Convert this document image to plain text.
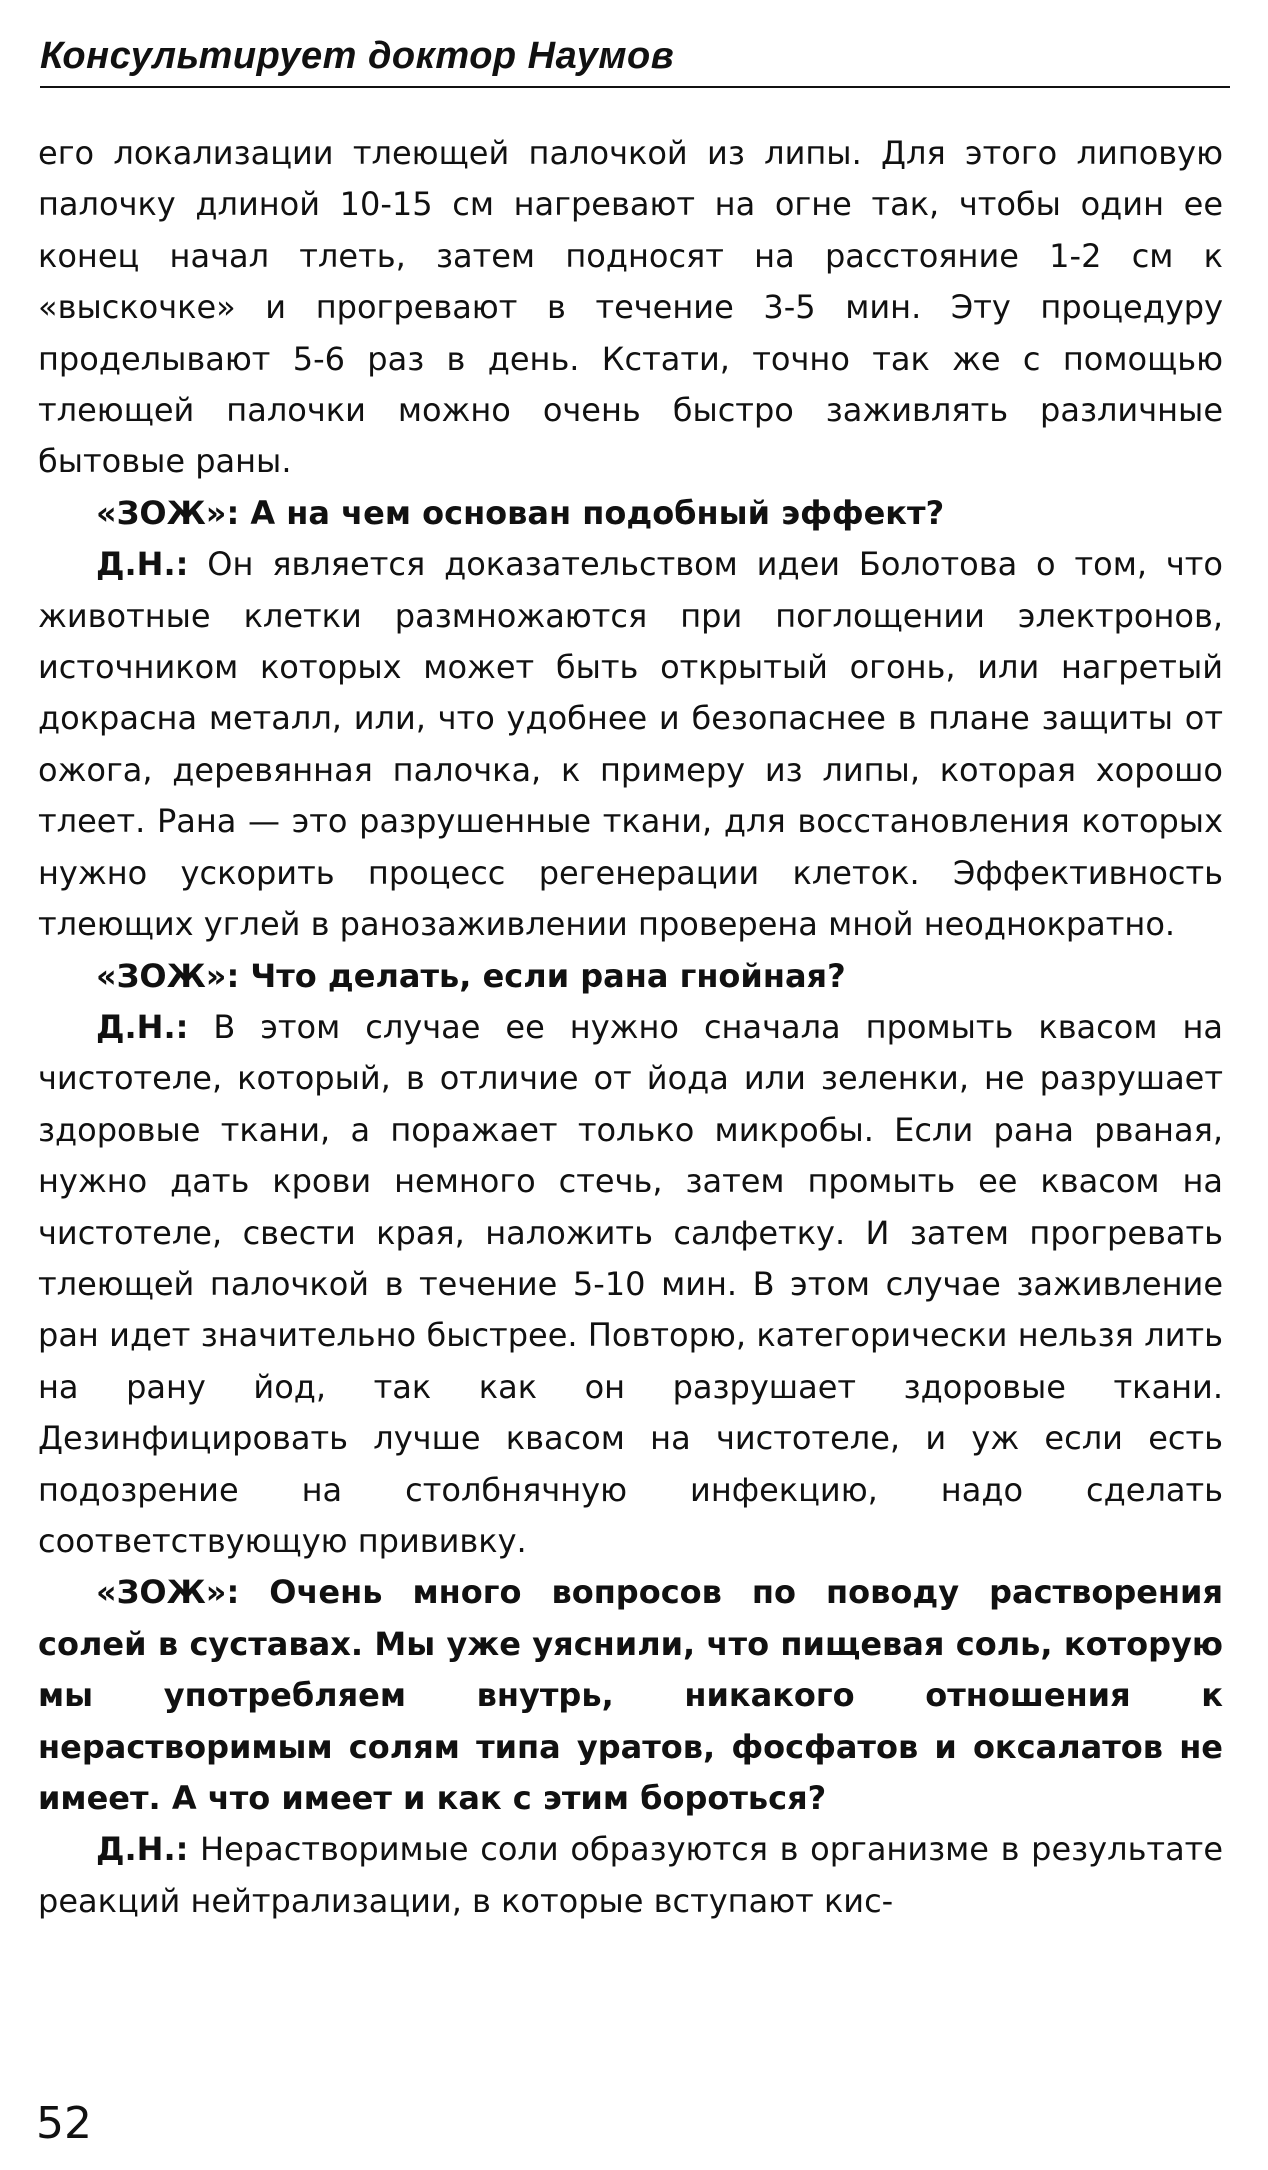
Консультирует доктор Наумов

его локализации тлеющей палочкой из липы. Для этого липовую палочку длиной 10-15 см нагревают на огне так, чтобы один ее конец начал тлеть, затем подносят на расстояние 1-2 см к «выскочке» и прогревают в течение 3-5 мин. Эту процедуру проделывают 5-6 раз в день. Кстати, точно так же с помощью тлеющей палочки можно очень быстро заживлять различные бытовые раны.

«ЗОЖ»: А на чем основан подобный эффект?

Д.Н.: Он является доказательством идеи Болотова о том, что животные клетки размножаются при поглощении электронов, источником которых может быть открытый огонь, или нагретый докрасна металл, или, что удобнее и безопаснее в плане защиты от ожога, деревянная палочка, к примеру из липы, которая хорошо тлеет. Рана — это разрушенные ткани, для восстановления которых нужно ускорить процесс регенерации клеток. Эффективность тлеющих углей в ранозаживлении проверена мной неоднократно.

«ЗОЖ»: Что делать, если рана гнойная?

Д.Н.: В этом случае ее нужно сначала промыть квасом на чистотеле, который, в отличие от йода или зеленки, не разрушает здоровые ткани, а поражает только микробы. Если рана рваная, нужно дать крови немного стечь, затем промыть ее квасом на чистотеле, свести края, наложить салфетку. И затем прогревать тлеющей палочкой в течение 5-10 мин. В этом случае заживление ран идет значительно быстрее. Повторю, категорически нельзя лить на рану йод, так как он разрушает здоровые ткани. Дезинфицировать лучше квасом на чистотеле, и уж если есть подозрение на столбнячную инфекцию, надо сделать соответствующую прививку.

«ЗОЖ»: Очень много вопросов по поводу растворения солей в суставах. Мы уже уяснили, что пищевая соль, которую мы употребляем внутрь, никакого отношения к нерастворимым солям типа уратов, фосфатов и оксалатов не имеет. А что имеет и как с этим бороться?

Д.Н.: Нерастворимые соли образуются в организме в результате реакций нейтрализации, в которые вступают кис-

52
